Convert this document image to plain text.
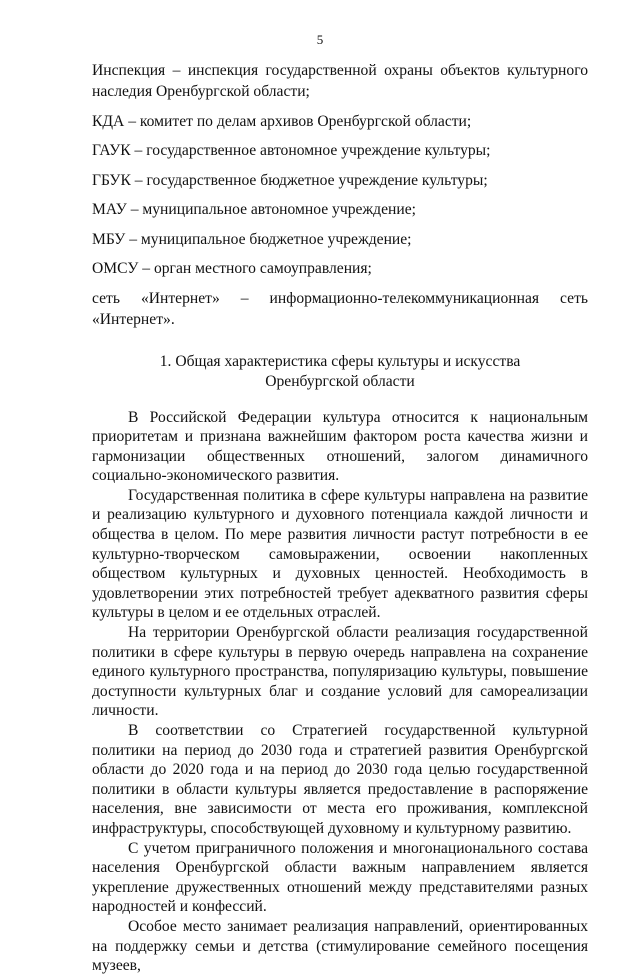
5

Инспекция – инспекция государственной охраны объектов культурного наследия Оренбургской области;

КДА – комитет по делам архивов Оренбургской области;

ГАУК – государственное автономное учреждение культуры;

ГБУК – государственное бюджетное учреждение культуры;

МАУ – муниципальное автономное учреждение;

МБУ – муниципальное бюджетное учреждение;

ОМСУ – орган местного самоуправления;

сеть «Интернет» – информационно-телекоммуникационная сеть «Интернет».

1. Общая характеристика сферы культуры и искусства
Оренбургской области

В Российской Федерации культура относится к национальным приоритетам и признана важнейшим фактором роста качества жизни и гармонизации общественных отношений, залогом динамичного социально-экономического развития.

Государственная политика в сфере культуры направлена на развитие и реализацию культурного и духовного потенциала каждой личности и общества в целом. По мере развития личности растут потребности в ее культурно-творческом самовыражении, освоении накопленных обществом культурных и духовных ценностей. Необходимость в удовлетворении этих потребностей требует адекватного развития сферы культуры в целом и ее отдельных отраслей.

На территории Оренбургской области реализация государственной политики в сфере культуры в первую очередь направлена на сохранение единого культурного пространства, популяризацию культуры, повышение доступности культурных благ и создание условий для самореализации личности.

В соответствии со Стратегией государственной культурной политики на период до 2030 года и стратегией развития Оренбургской области до 2020 года и на период до 2030 года целью государственной политики в области культуры является предоставление в распоряжение населения, вне зависимости от места его проживания, комплексной инфраструктуры, способствующей духовному и культурному развитию.

С учетом приграничного положения и многонационального состава населения Оренбургской области важным направлением является укрепление дружественных отношений между представителями разных народностей и конфессий.

Особое место занимает реализация направлений, ориентированных на поддержку семьи и детства (стимулирование семейного посещения музеев,
